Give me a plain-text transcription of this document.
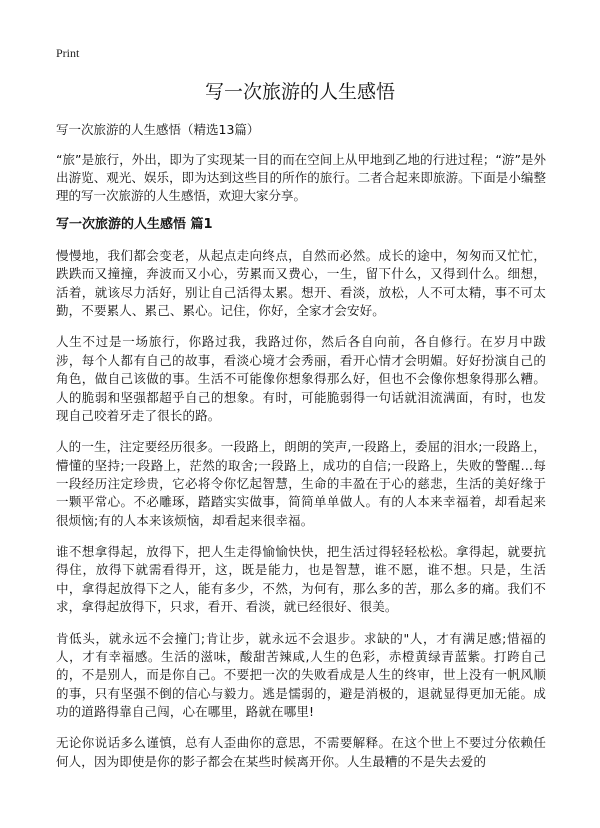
Print
写一次旅游的人生感悟
写一次旅游的人生感悟（精选13篇）

“旅”是旅行，外出，即为了实现某一目的而在空间上从甲地到乙地的行进过程；“游”是外出游览、观光、娱乐，即为达到这些目的所作的旅行。二者合起来即旅游。下面是小编整理的写一次旅游的人生感悟，欢迎大家分享。

写一次旅游的人生感悟 篇1

慢慢地，我们都会变老，从起点走向终点，自然而必然。成长的途中，匆匆而又忙忙，跌跌而又撞撞，奔波而又小心，劳累而又费心，一生，留下什么，又得到什么。细想，活着，就该尽力活好，别让自己活得太累。想开、看淡，放松，人不可太精，事不可太勤，不要累人、累己、累心。记住，你好，全家才会安好。

人生不过是一场旅行，你路过我，我路过你，然后各自向前，各自修行。在岁月中跋涉，每个人都有自己的故事，看淡心境才会秀丽，看开心情才会明媚。好好扮演自己的角色，做自己该做的事。生活不可能像你想象得那么好，但也不会像你想象得那么糟。人的脆弱和坚强都超乎自己的想象。有时，可能脆弱得一句话就泪流满面，有时，也发现自己咬着牙走了很长的路。

人的一生，注定要经历很多。一段路上，朗朗的笑声,一段路上，委屈的泪水;一段路上，懵懂的坚持;一段路上，茫然的取舍;一段路上，成功的自信;一段路上，失败的警醒…每一段经历注定珍贵，它必将令你忆起智慧，生命的丰盈在于心的慈悲，生活的美好缘于一颗平常心。不必雕琢，踏踏实实做事，简简单单做人。有的人本来幸福着，却看起来很烦恼;有的人本来该烦恼，却看起来很幸福。

谁不想拿得起，放得下，把人生走得愉愉快快，把生活过得轻轻松松。拿得起，就要抗得住，放得下就需看得开，这，既是能力，也是智慧，谁不愿，谁不想。只是，生活中，拿得起放得下之人，能有多少，不然，为何有，那么多的苦，那么多的痛。我们不求，拿得起放得下，只求，看开、看淡，就已经很好、很美。

肯低头，就永远不会撞门;肯让步，就永远不会退步。求缺的"人，才有满足感;惜福的人，才有幸福感。生活的滋味，酸甜苦辣咸,人生的色彩，赤橙黄绿青蓝紫。打跨自己的，不是别人，而是你自己。不要把一次的失败看成是人生的终审，世上没有一帆风顺的事，只有坚强不倒的信心与毅力。逃是懦弱的，避是消极的，退就显得更加无能。成功的道路得靠自己闯，心在哪里，路就在哪里!

无论你说话多么谨慎，总有人歪曲你的意思，不需要解释。在这个世上不要过分依赖任何人，因为即使是你的影子都会在某些时候离开你。人生最糟的不是失去爱的
